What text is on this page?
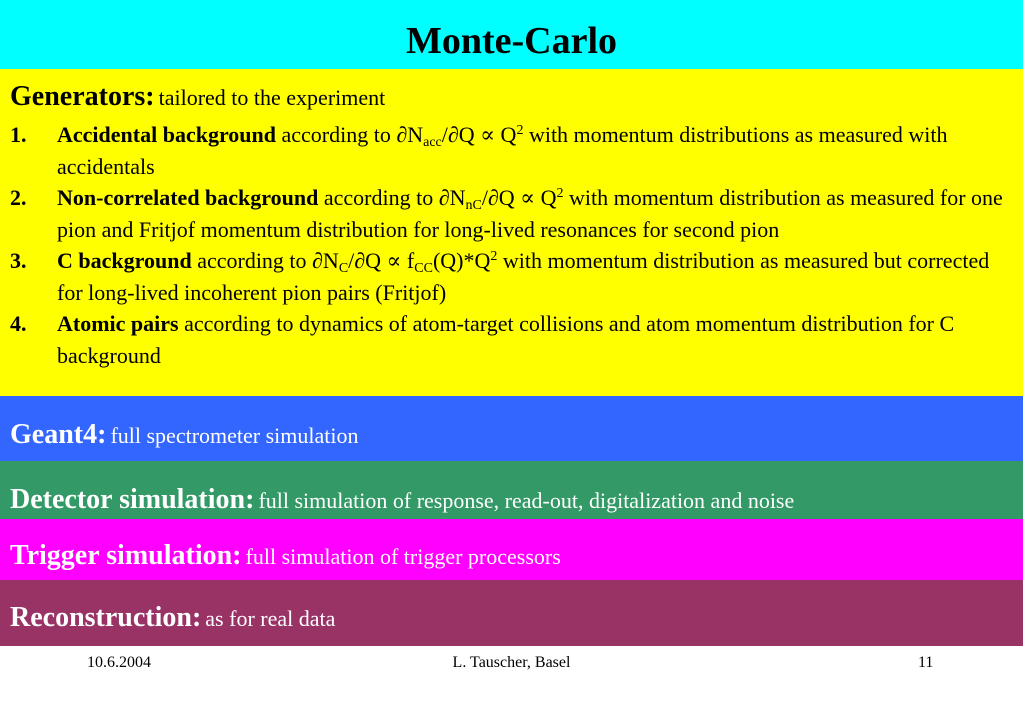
Monte-Carlo
Generators: tailored to the experiment
1. Accidental background according to $\partial N_{acc}/\partial Q \propto Q^2$ with momentum distributions as measured with accidentals
2. Non-correlated background according to $\partial N_{nC}/\partial Q \propto Q^2$ with momentum distribution as measured for one pion and Fritjof momentum distribution for long-lived resonances for second pion
3. C background according to $\partial N_C/\partial Q \propto f_{CC}(Q)*Q^2$ with momentum distribution as measured but corrected for long-lived incoherent pion pairs (Fritjof)
4. Atomic pairs according to dynamics of atom-target collisions and atom momentum distribution for C background
Geant4: full spectrometer simulation
Detector simulation: full simulation of response, read-out, digitalization and noise
Trigger simulation: full simulation of trigger processors
Reconstruction: as for real data
L. Tauscher, Basel
10.6.2004	11
